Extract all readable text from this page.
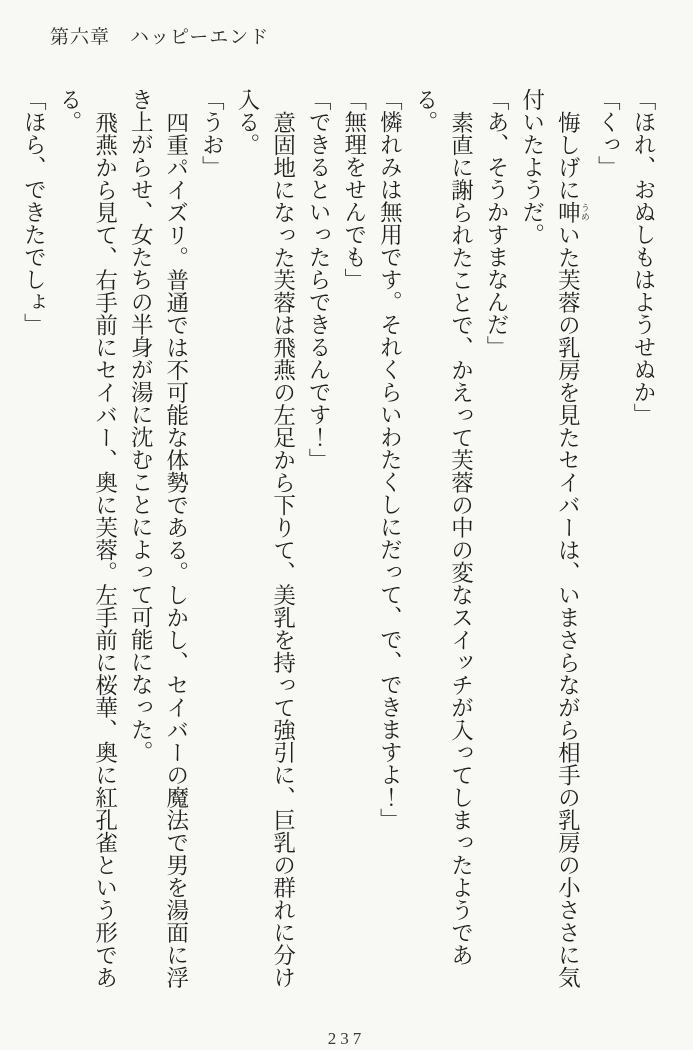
第六章　ハッピーエンド

「ほれ、おぬしもはようせぬか」

「くっ」

悔しげに呻 うめいた芙蓉の乳房を見たセイバーは、いまさらながら相手の乳房の小ささに気付いたようだ。

「あ、そうかすまなんだ」

素直に謝られたことで、かえって芙蓉の中の変なスイッチが入ってしまったようである。

「憐れみは無用です。それくらいわたくしにだって、で、できますよ！」

「無理をせんでも」

「できるといったらできるんです！」

意固地になった芙蓉は飛燕の左足から下りて、美乳を持って強引に、巨乳の群れに分け入る。

「うお」

四重パイズリ。普通では不可能な体勢である。しかし、セイバーの魔法で男を湯面に浮き上がらせ、女たちの半身が湯に沈むことによって可能になった。

飛燕から見て、右手前にセイバー、奥に芙蓉。左手前に桜華、奥に紅孔雀という形である。

「ほら、できたでしょ」

237
